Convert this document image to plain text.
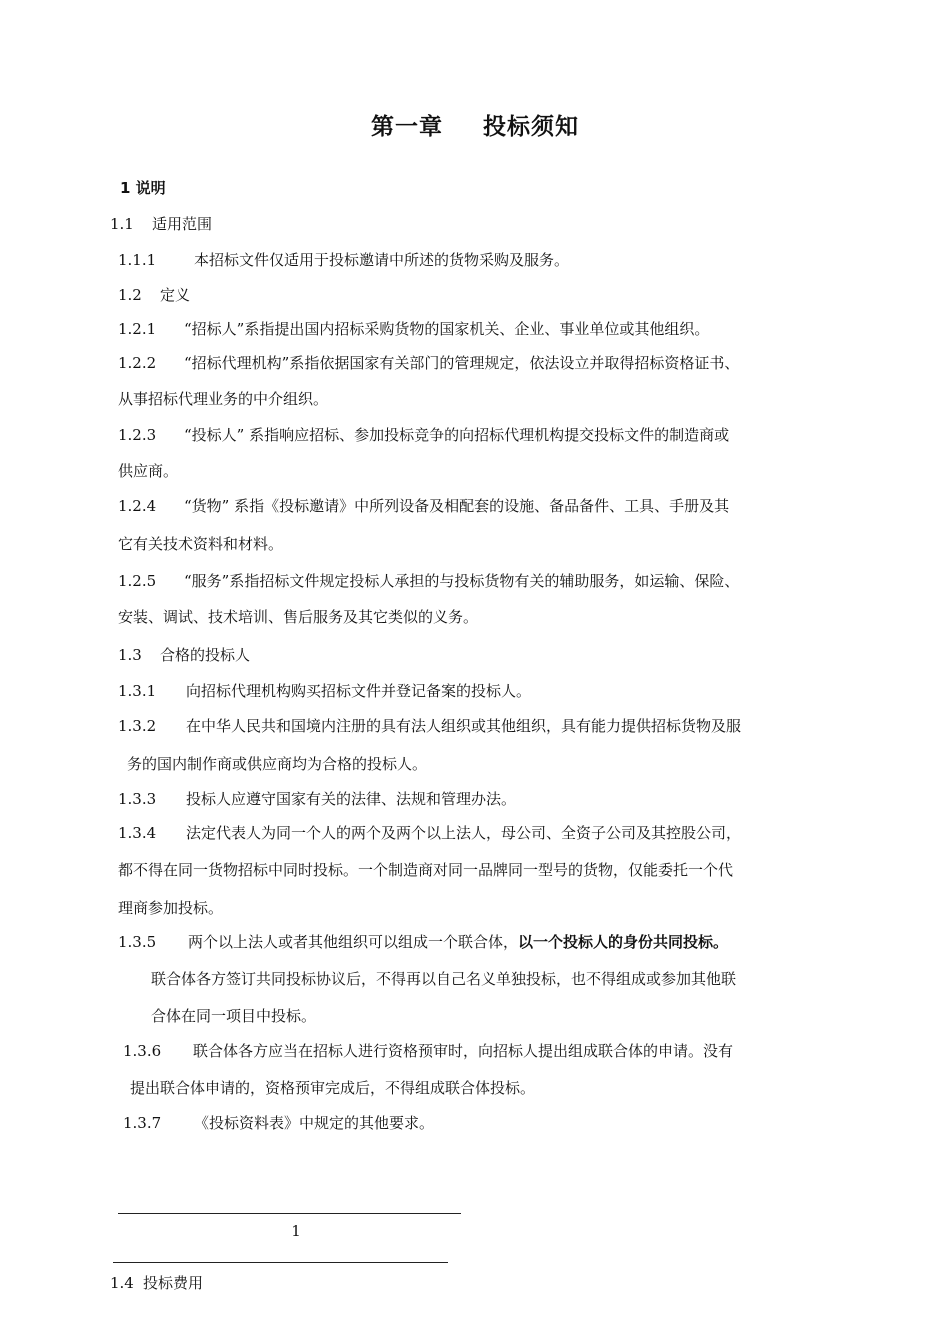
第一章 投标须知
1 说明
1.1 适用范围
1.1.1	本招标文件仅适用于投标邀请中所述的货物采购及服务。
1.2 定义
1.2.1 “招标人”系指提出国内招标采购货物的国家机关、企业、事业单位或其他组织。
1.2.2 “招标代理机构”系指依据国家有关部门的管理规定，依法设立并取得招标资格证书、
从事招标代理业务的中介组织。
1.2.3 “投标人” 系指响应招标、参加投标竞争的向招标代理机构提交投标文件的制造商或
供应商。
1.2.4 “货物” 系指《投标邀请》中所列设备及相配套的设施、备品备件、工具、手册及其
它有关技术资料和材料。
1.2.5 “服务”系指招标文件规定投标人承担的与投标货物有关的辅助服务，如运输、保险、
安装、调试、技术培训、售后服务及其它类似的义务。
1.3 合格的投标人
1.3.1 向招标代理机构购买招标文件并登记备案的投标人。
1.3.2 在中华人民共和国境内注册的具有法人组织或其他组织，具有能力提供招标货物及服
务的国内制作商或供应商均为合格的投标人。
1.3.3 投标人应遵守国家有关的法律、法规和管理办法。
1.3.4 法定代表人为同一个人的两个及两个以上法人，母公司、全资子公司及其控股公司，
都不得在同一货物招标中同时投标。一个制造商对同一品牌同一型号的货物，仅能委托一个代
理商参加投标。
1.3.5 两个以上法人或者其他组织可以组成一个联合体，以一个投标人的身份共同投标。
联合体各方签订共同投标协议后，不得再以自己名义单独投标，也不得组成或参加其他联
合体在同一项目中投标。
1.3.6 联合体各方应当在招标人进行资格预审时，向招标人提出组成联合体的申请。没有
提出联合体申请的，资格预审完成后，不得组成联合体投标。
1.3.7 《投标资料表》中规定的其他要求。
1
1.4 投标费用
